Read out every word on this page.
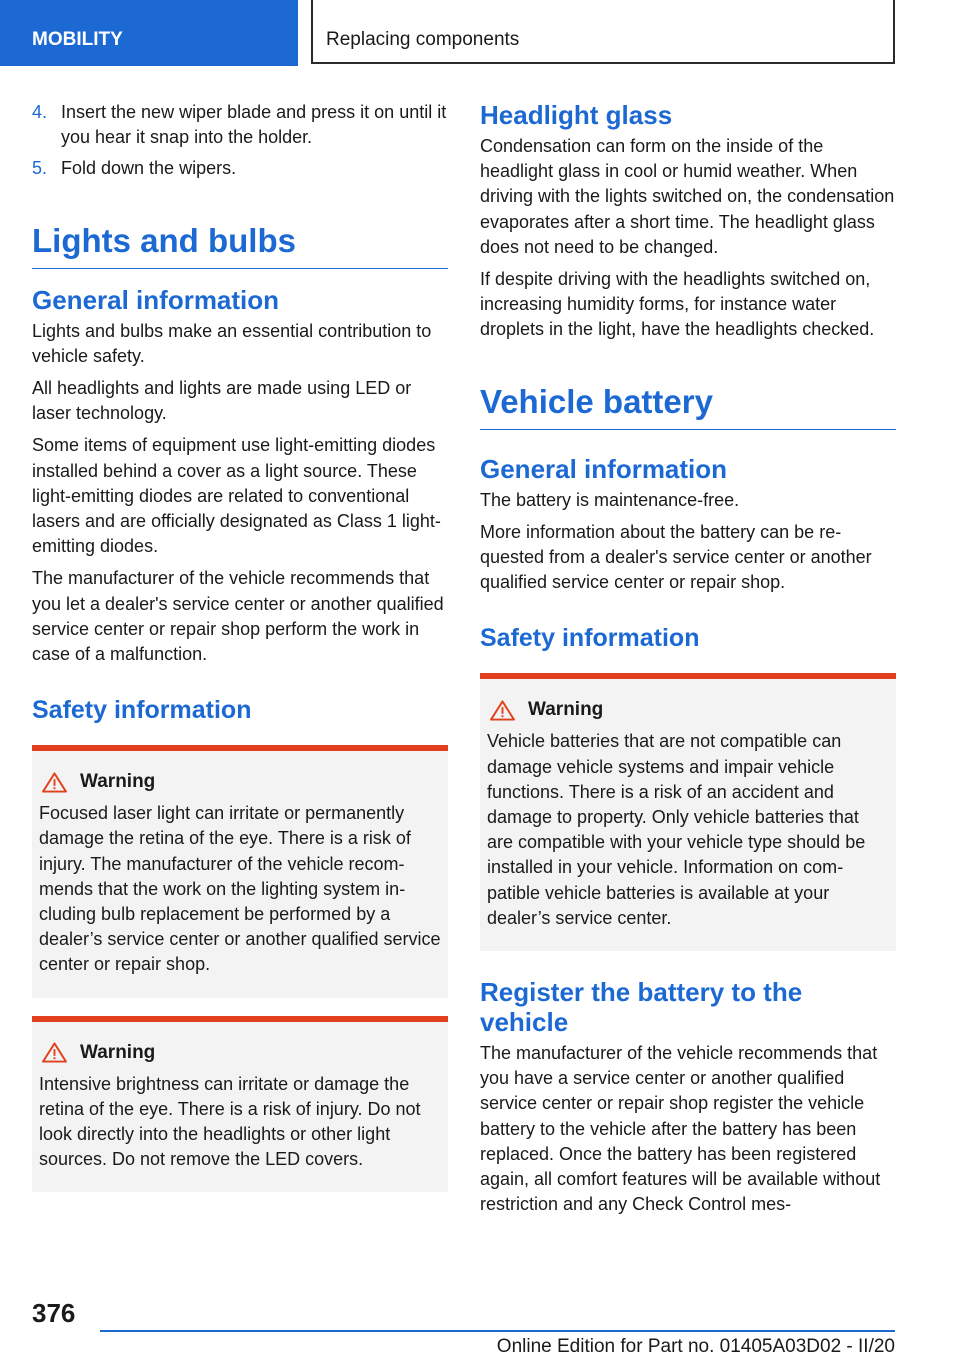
MOBILITY	Replacing components
4. Insert the new wiper blade and press it on until it you hear it snap into the holder.
5. Fold down the wipers.
Lights and bulbs
General information

Lights and bulbs make an essential contribution to vehicle safety.

All headlights and lights are made using LED or laser technology.

Some items of equipment use light-emitting diodes installed behind a cover as a light source. These light-emitting diodes are related to conventional lasers and are officially designated as Class 1 light-emitting diodes.

The manufacturer of the vehicle recommends that you let a dealer's service center or another qualified service center or repair shop perform the work in case of a malfunction.

Safety information
Warning

Focused laser light can irritate or permanently damage the retina of the eye. There is a risk of injury. The manufacturer of the vehicle recommends that the work on the lighting system including bulb replacement be performed by a dealer’s service center or another qualified service center or repair shop.

Warning

Intensive brightness can irritate or damage the retina of the eye. There is a risk of injury. Do not look directly into the headlights or other light sources. Do not remove the LED covers.

Headlight glass

Condensation can form on the inside of the headlight glass in cool or humid weather. When driving with the lights switched on, the condensation evaporates after a short time. The headlight glass does not need to be changed.

If despite driving with the headlights switched on, increasing humidity forms, for instance water droplets in the light, have the headlights checked.

Vehicle battery
General information

The battery is maintenance-free.

More information about the battery can be requested from a dealer's service center or another qualified service center or repair shop.

Safety information
Warning

Vehicle batteries that are not compatible can damage vehicle systems and impair vehicle functions. There is a risk of an accident and damage to property. Only vehicle batteries that are compatible with your vehicle type should be installed in your vehicle. Information on compatible vehicle batteries is available at your dealer’s service center.

Register the battery to the vehicle

The manufacturer of the vehicle recommends that you have a service center or another qualified service center or repair shop register the vehicle battery to the vehicle after the battery has been replaced. Once the battery has been registered again, all comfort features will be available without restriction and any Check Control mes-

376
Online Edition for Part no. 01405A03D02 - II/20
